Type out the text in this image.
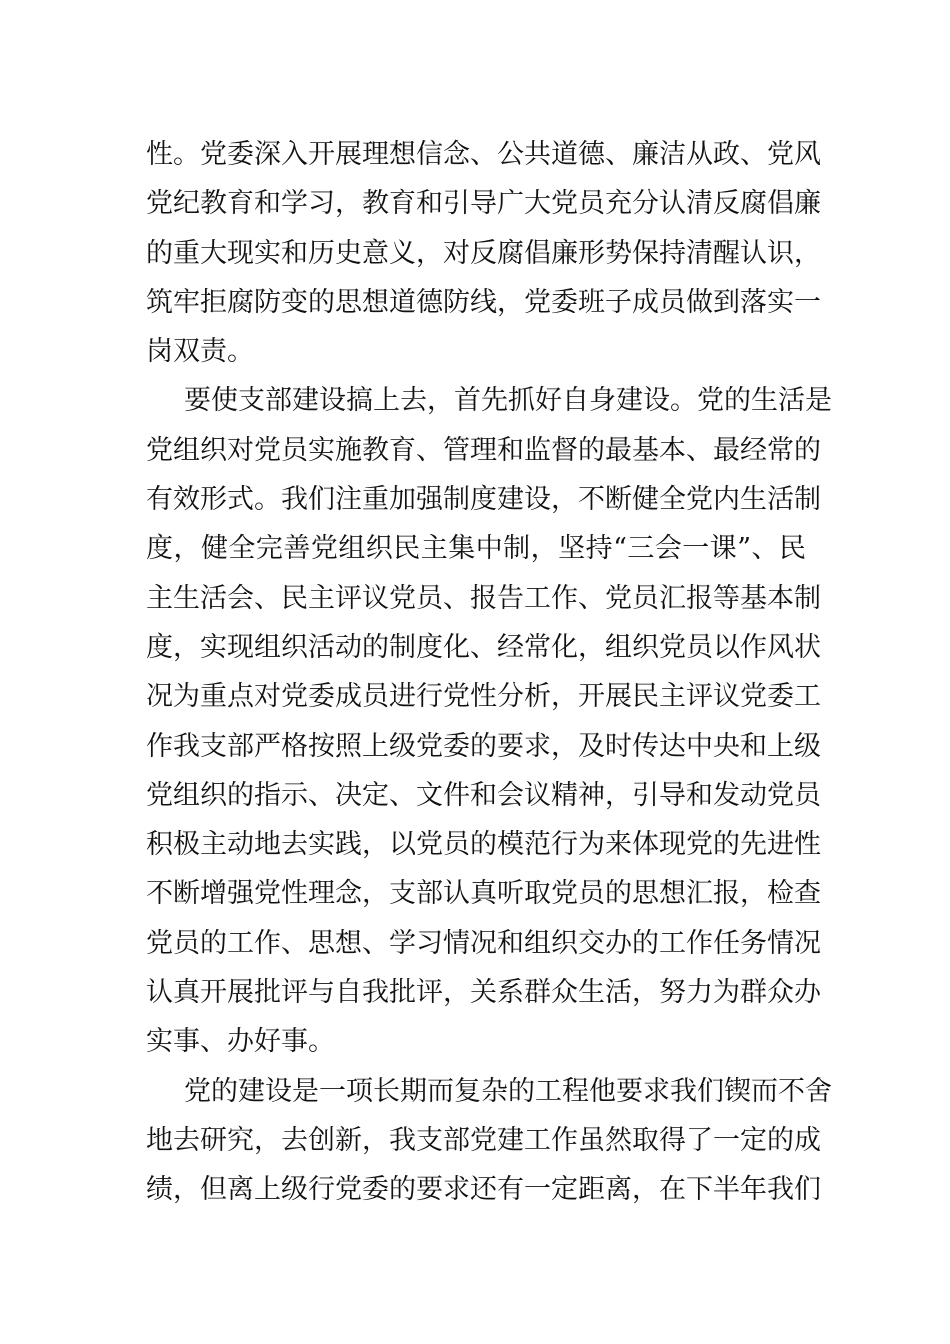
性。党委深入开展理想信念、公共道德、廉洁从政、党风
党纪教育和学习，教育和引导广大党员充分认清反腐倡廉
的重大现实和历史意义，对反腐倡廉形势保持清醒认识，
筑牢拒腐防变的思想道德防线，党委班子成员做到落实一
岗双责。
要使支部建设搞上去，首先抓好自身建设。党的生活是
党组织对党员实施教育、管理和监督的最基本、最经常的
有效形式。我们注重加强制度建设，不断健全党内生活制
度，健全完善党组织民主集中制，坚持“三会一课”、民
主生活会、民主评议党员、报告工作、党员汇报等基本制
度，实现组织活动的制度化、经常化，组织党员以作风状
况为重点对党委成员进行党性分析，开展民主评议党委工
作我支部严格按照上级党委的要求，及时传达中央和上级
党组织的指示、决定、文件和会议精神，引导和发动党员
积极主动地去实践，以党员的模范行为来体现党的先进性
不断增强党性理念，支部认真听取党员的思想汇报，检查
党员的工作、思想、学习情况和组织交办的工作任务情况
认真开展批评与自我批评，关系群众生活，努力为群众办
实事、办好事。
党的建设是一项长期而复杂的工程他要求我们锲而不舍
地去研究，去创新，我支部党建工作虽然取得了一定的成
绩，但离上级行党委的要求还有一定距离，在下半年我们
